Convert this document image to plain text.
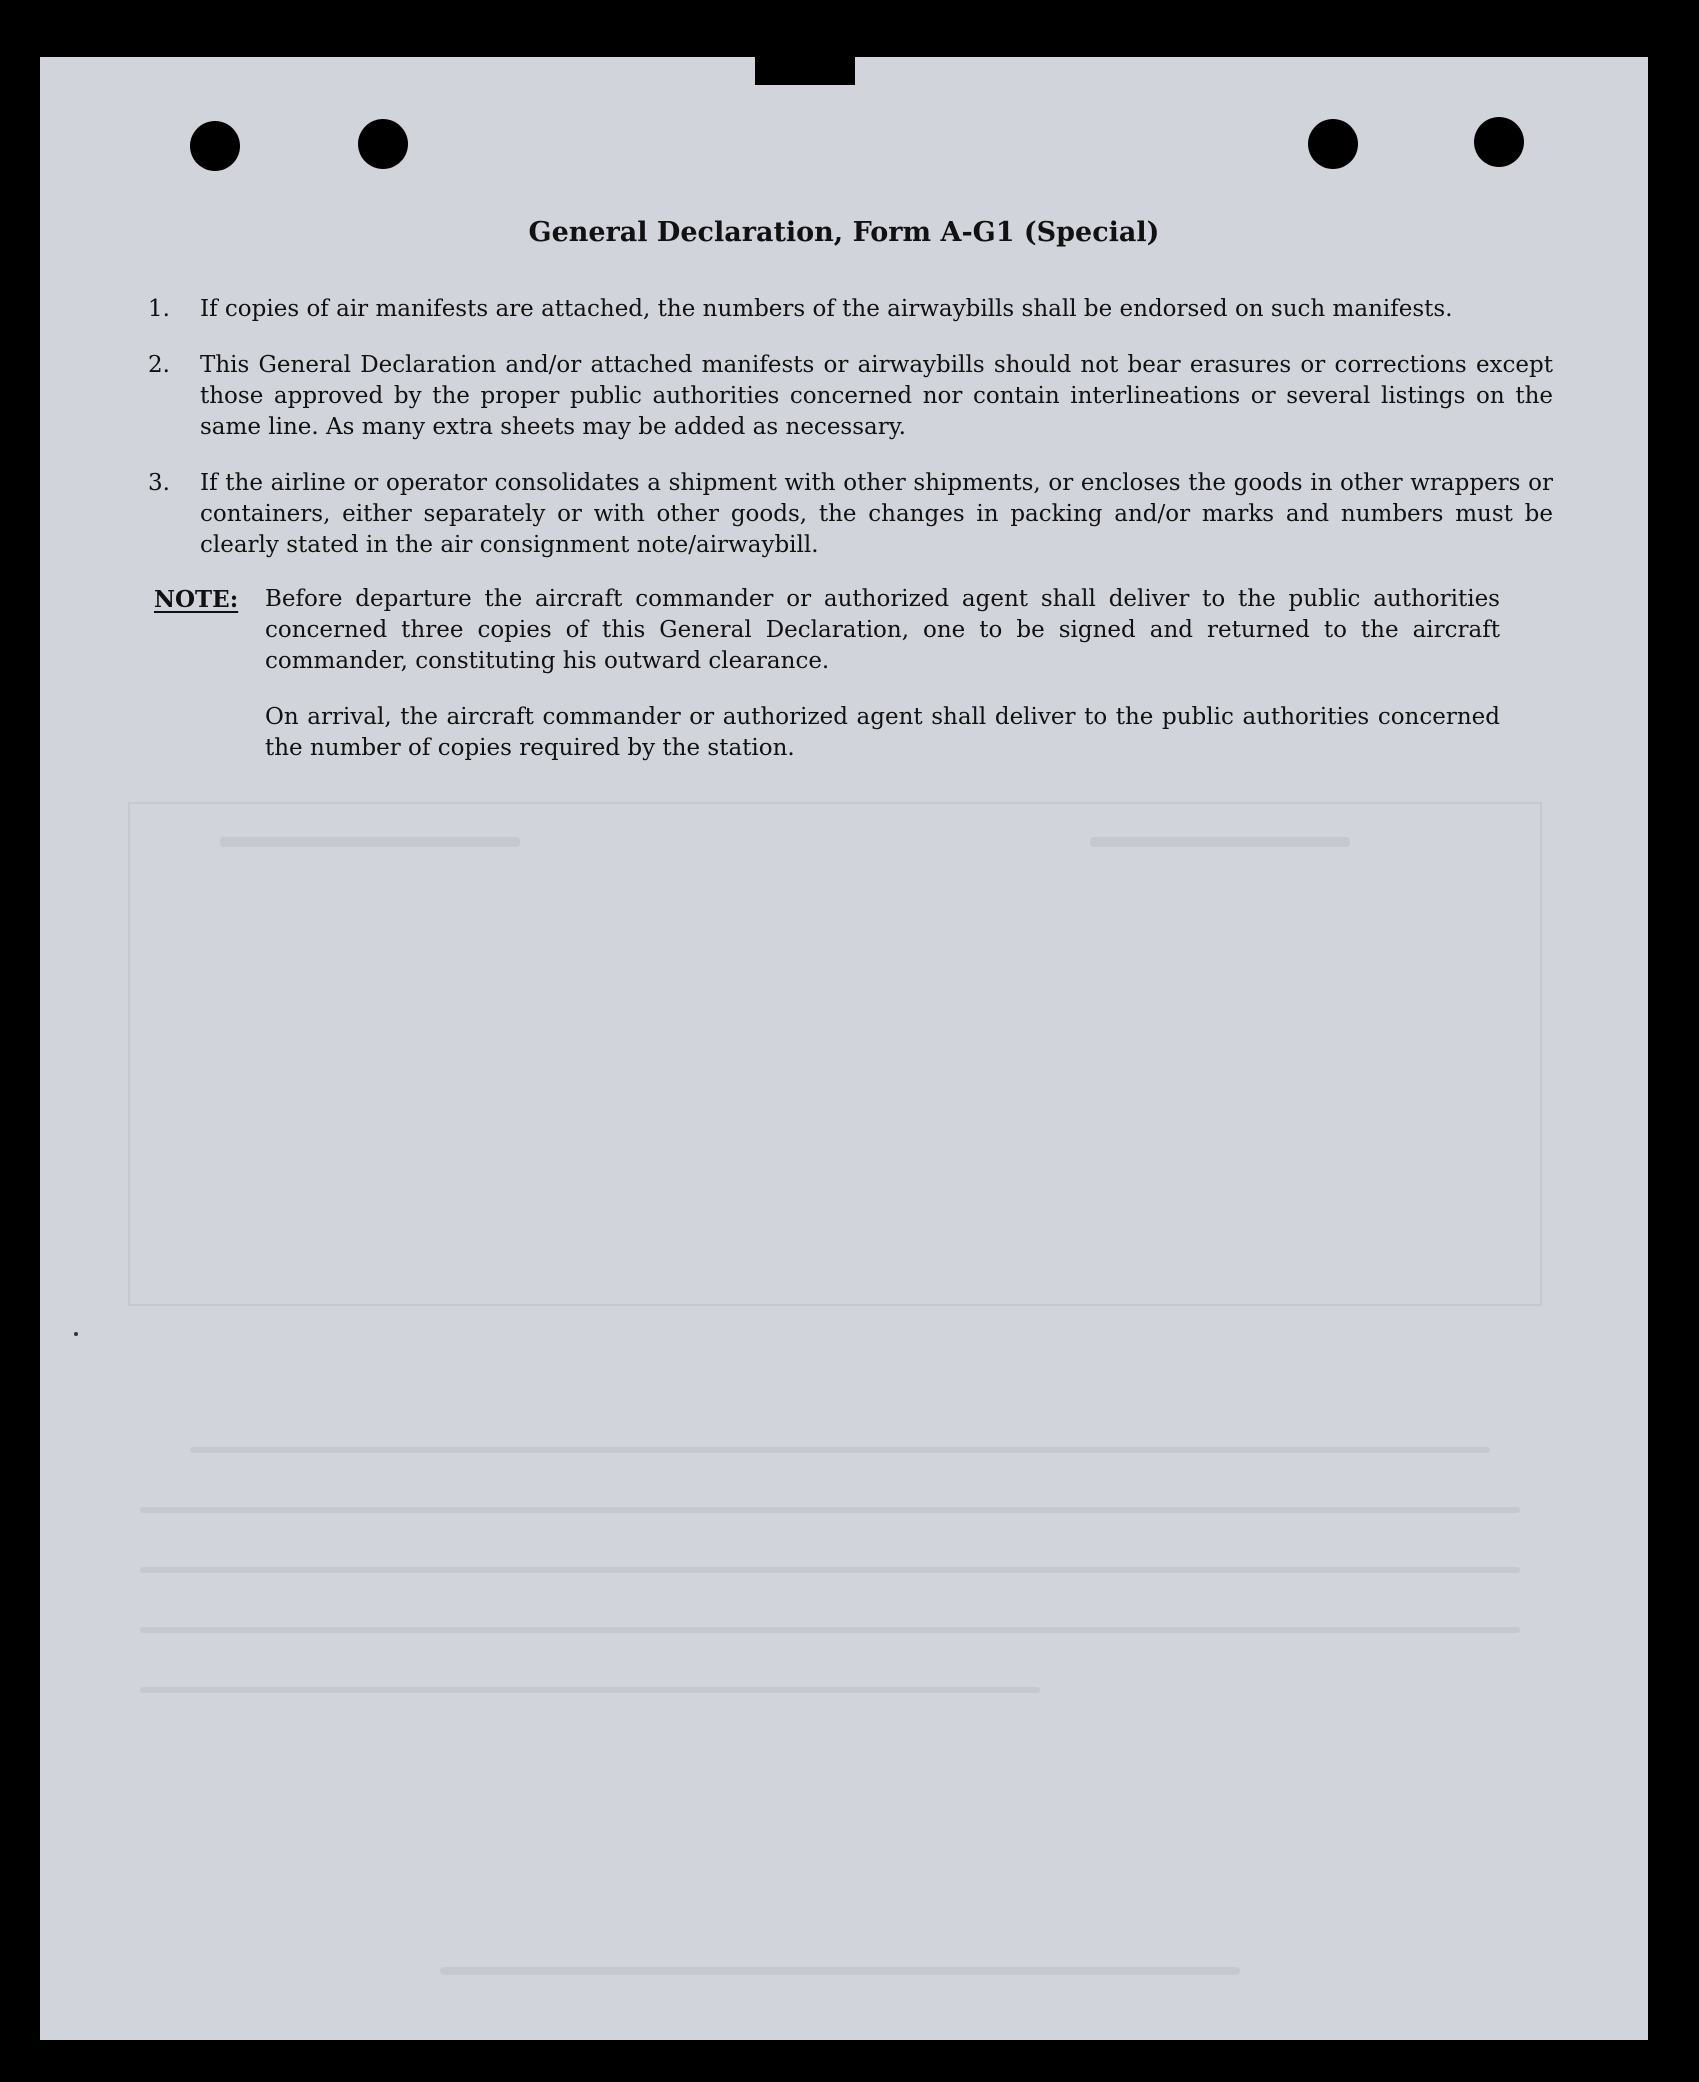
General Declaration, Form A-G1 (Special)
1. If copies of air manifests are attached, the numbers of the airwaybills shall be endorsed on such manifests.
2. This General Declaration and/or attached manifests or airwaybills should not bear erasures or corrections except those approved by the proper public authorities concerned nor contain interlineations or several listings on the same line. As many extra sheets may be added as necessary.
3. If the airline or operator consolidates a shipment with other shipments, or encloses the goods in other wrappers or containers, either separately or with other goods, the changes in packing and/or marks and numbers must be clearly stated in the air consignment note/airwaybill.
NOTE: Before departure the aircraft commander or authorized agent shall deliver to the public authorities concerned three copies of this General Declaration, one to be signed and returned to the aircraft commander, constituting his outward clearance.
On arrival, the aircraft commander or authorized agent shall deliver to the public authorities concerned the number of copies required by the station.
